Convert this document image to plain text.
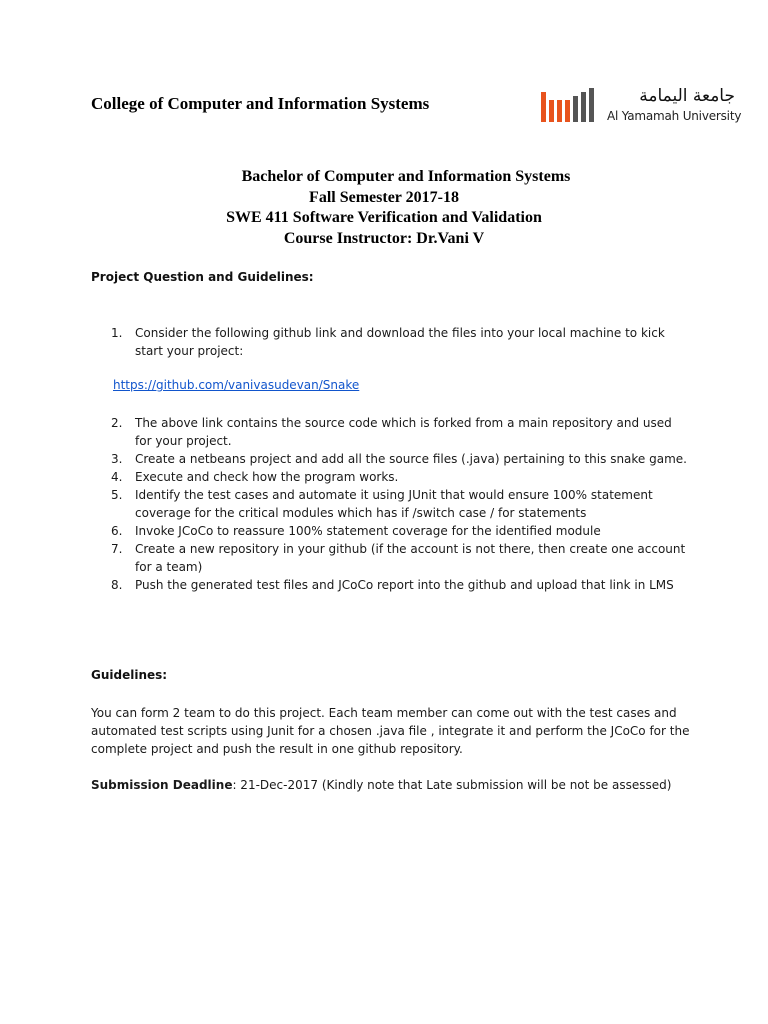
College of Computer and Information Systems	جامعة اليمامة
Al Yamamah University
Bachelor of Computer and Information Systems
Fall Semester 2017-18
SWE 411 Software Verification and Validation
Course Instructor: Dr.Vani V
Project Question and Guidelines:
1. Consider the following github link and download the files into your local machine to kick start your project:
https://github.com/vanivasudevan/Snake
2. The above link contains the source code which is forked from a main repository and used for your project.
3. Create a netbeans project and add all the source files (.java) pertaining to this snake game.
4. Execute and check how the program works.
5. Identify the test cases and automate it using JUnit that would ensure 100% statement coverage for the critical modules which has if /switch case / for statements
6. Invoke JCoCo to reassure 100% statement coverage for the identified module
7. Create a new repository in your github (if the account is not there, then create one account for a team)
8. Push the generated test files and JCoCo report into the github and upload that link in LMS
Guidelines:
You can form 2 team to do this project. Each team member can come out with the test cases and automated test scripts using Junit for a chosen .java file , integrate it and perform the JCoCo for the complete project and push the result in one github repository.
Submission Deadline: 21-Dec-2017 (Kindly note that Late submission will be not be assessed)
